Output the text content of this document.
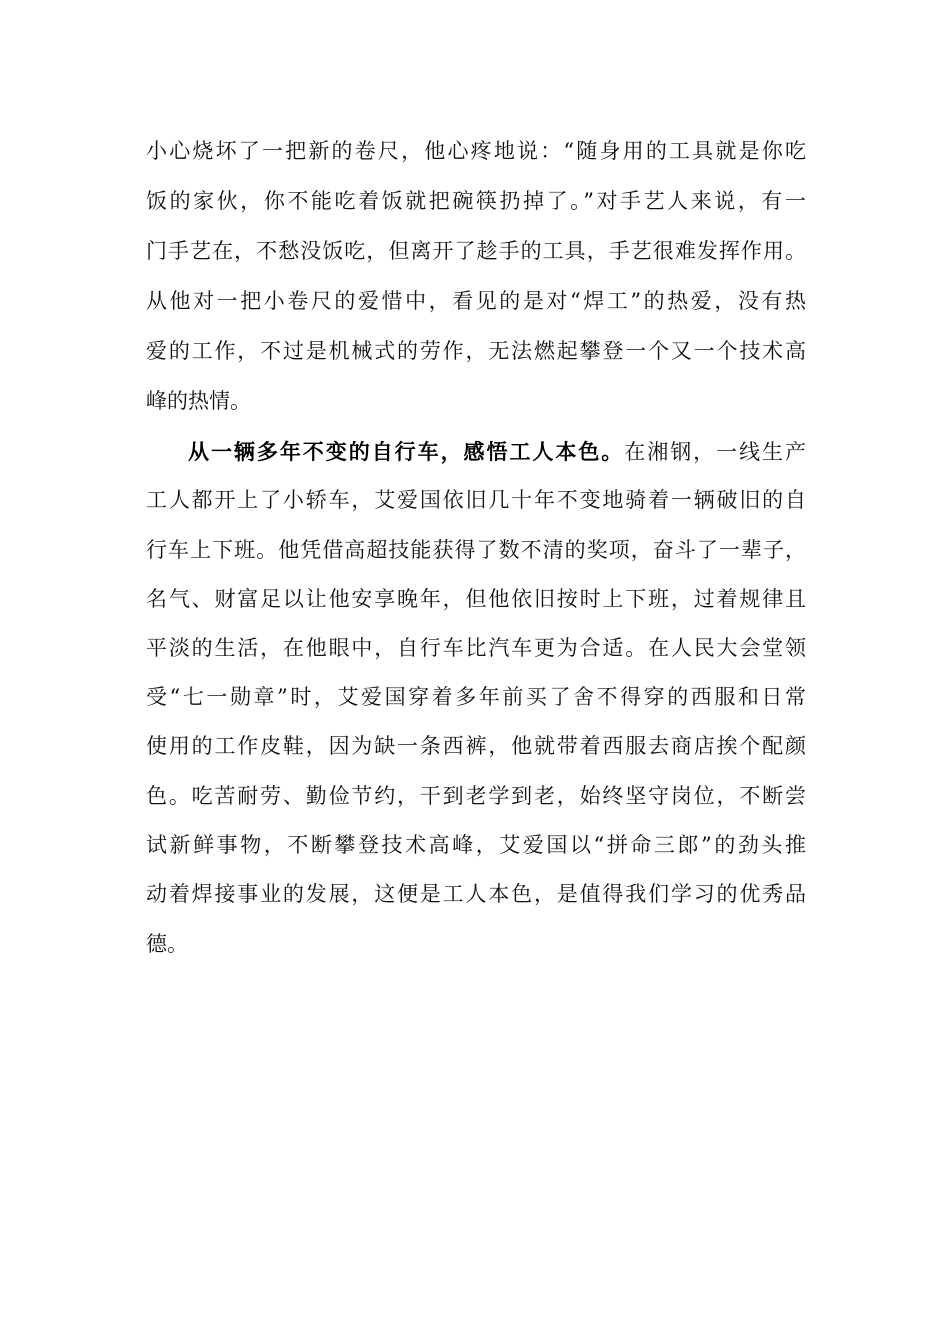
小心烧坏了一把新的卷尺，他心疼地说：“随身用的工具就是你吃
饭的家伙，你不能吃着饭就把碗筷扔掉了。”对手艺人来说，有一
门手艺在，不愁没饭吃，但离开了趁手的工具，手艺很难发挥作用。
从他对一把小卷尺的爱惜中，看见的是对“焊工”的热爱，没有热
爱的工作，不过是机械式的劳作，无法燃起攀登一个又一个技术高
峰的热情。
从一辆多年不变的自行车，感悟工人本色。在湘钢，一线生产
工人都开上了小轿车，艾爱国依旧几十年不变地骑着一辆破旧的自
行车上下班。他凭借高超技能获得了数不清的奖项，奋斗了一辈子，
名气、财富足以让他安享晚年，但他依旧按时上下班，过着规律且
平淡的生活，在他眼中，自行车比汽车更为合适。在人民大会堂领
受“七一勋章”时，艾爱国穿着多年前买了舍不得穿的西服和日常
使用的工作皮鞋，因为缺一条西裤，他就带着西服去商店挨个配颜
色。吃苦耐劳、勤俭节约，干到老学到老，始终坚守岗位，不断尝
试新鲜事物，不断攀登技术高峰，艾爱国以“拼命三郎”的劲头推
动着焊接事业的发展，这便是工人本色，是值得我们学习的优秀品
德。
